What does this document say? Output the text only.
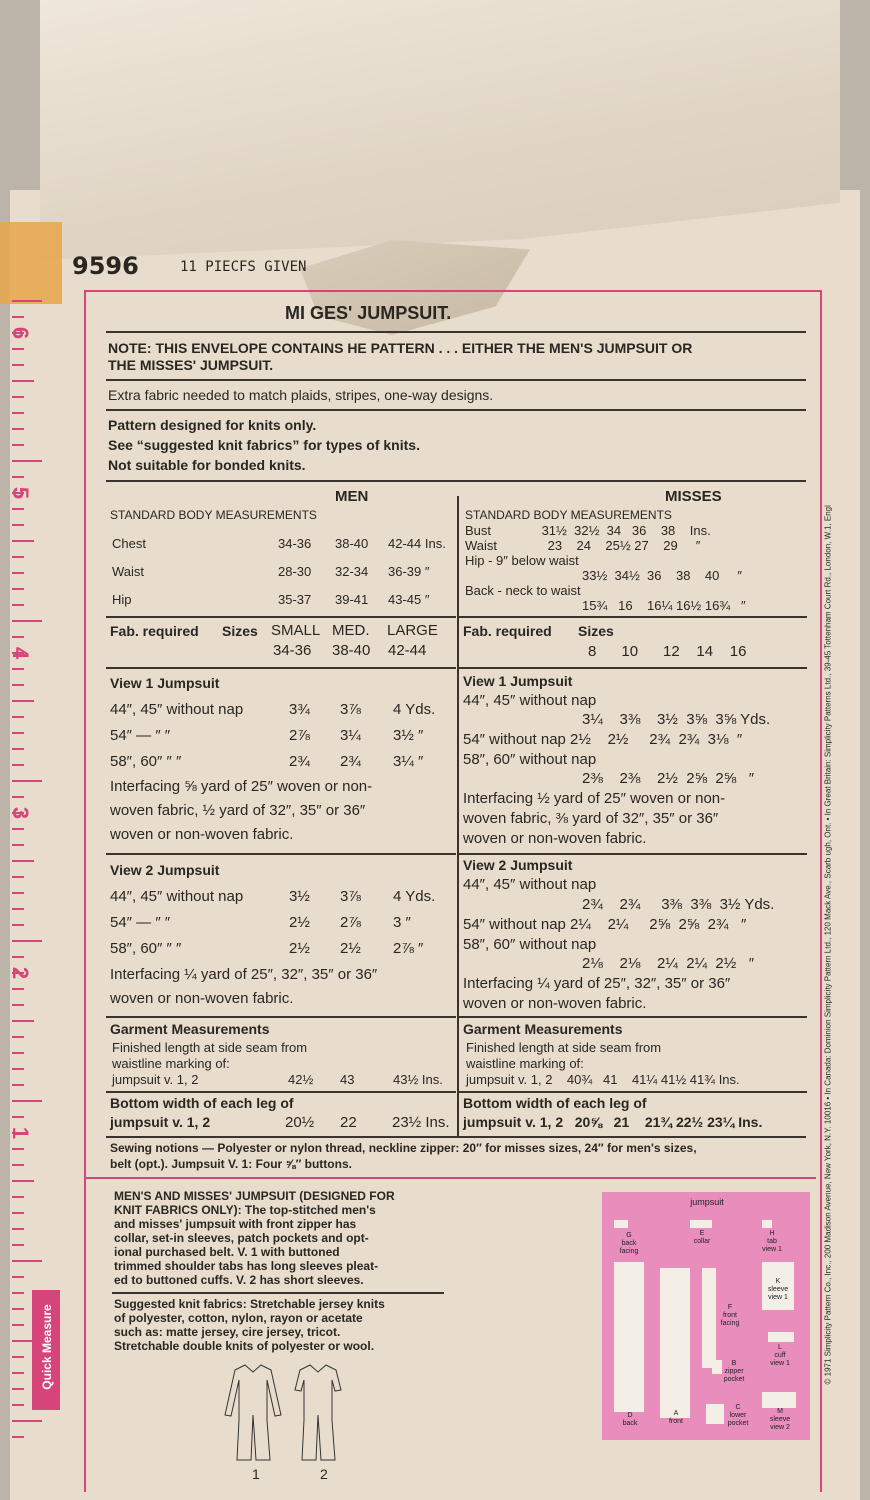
6
5
4
3
2
1
Quick Measure
9596	11 PIECFS GIVEN
MI GES' JUMPSUIT.
NOTE: THIS ENVELOPE CONTAINS HE PATTERN . . . EITHER THE MEN'S JUMPSUIT OR
THE MISSES' JUMPSUIT.
Extra fabric needed to match plaids, stripes, one-way designs.
Pattern designed for knits only.
See “suggested knit fabrics” for types of knits.
Not suitable for bonded knits.
MEN
STANDARD BODY MEASUREMENTS
Chest	34-36 38-40 42-44 Ins.
Waist	28-30 32-34 36-39 ″
Hip	35-37 39-41 43-45 ″
Fab. required Sizes SMALL MED. LARGE
34-36 38-40 42-44
View 1 Jumpsuit
44″, 45″ without nap	3¾ 3⅞ 4 Yds.
54″ — ″ ″	2⅞ 3¼ 3½ ″
58″, 60″ ″ ″	2¾ 2¾ 3¼ ″
Interfacing ⅝ yard of 25″ woven or non-
woven fabric, ½ yard of 32″, 35″ or 36″
woven or non-woven fabric.
View 2 Jumpsuit
44″, 45″ without nap	3½ 3⅞ 4 Yds.
54″ — ″ ″	2½ 2⅞ 3 ″
58″, 60″ ″ ″	2½ 2½ 2⅞ ″
Interfacing ¼ yard of 25″, 32″, 35″ or 36″
woven or non-woven fabric.
Garment Measurements
Finished length at side seam from
waistline marking of:
jumpsuit v. 1, 2	42½ 43	43½ Ins.
Bottom width of each leg of
jumpsuit v. 1, 2	20½ 22 23½ Ins.
MISSES
STANDARD BODY MEASUREMENTS
Bust              31½  32½  34   36    38    Ins.
Waist              23    24    25½ 27    29     ″
Hip - 9″ below waist
33½  34½  36    38    40     ″
Back - neck to waist
15¾   16    16¼ 16½ 16¾   ″
Fab. required Sizes
8      10      12    14    16
View 1 Jumpsuit
44″, 45″ without nap
3¼    3⅜    3½  3⅝  3⅝ Yds.
54″ without nap 2½    2½     2¾  2¾  3⅛  ″
58″, 60″ without nap
2⅜    2⅜    2½  2⅝  2⅝   ″
Interfacing ½ yard of 25″ woven or non-
woven fabric, ⅜ yard of 32″, 35″ or 36″
woven or non-woven fabric.
View 2 Jumpsuit
44″, 45″ without nap
2¾    2¾     3⅜  3⅜  3½ Yds.
54″ without nap 2¼    2¼     2⅝  2⅝  2¾   ″
58″, 60″ without nap
2⅛    2⅛    2¼  2¼  2½   ″
Interfacing ¼ yard of 25″, 32″, 35″ or 36″
woven or non-woven fabric.
Garment Measurements
Finished length at side seam from
waistline marking of:
jumpsuit v. 1, 2    40¾   41    41¼ 41½ 41¾ Ins.
Bottom width of each leg of
jumpsuit v. 1, 2   20⅝   21    21¾ 22½ 23¼ Ins.
Sewing notions — Polyester or nylon thread, neckline zipper: 20″ for misses sizes, 24″ for men's sizes,
belt (opt.). Jumpsuit V. 1: Four ⅝″ buttons.
MEN'S AND MISSES' JUMPSUIT (DESIGNED FOR
KNIT FABRICS ONLY): The top-stitched men's
and misses' jumpsuit with front zipper has
collar, set-in sleeves, patch pockets and opt-
ional purchased belt. V. 1 with buttoned
trimmed shoulder tabs has long sleeves pleat-
ed to buttoned cuffs. V. 2 has short sleeves.
Suggested knit fabrics: Stretchable jersey knits
of polyester, cotton, nylon, rayon or acetate
such as: matte jersey, cire jersey, tricot.
Stretchable double knits of polyester or wool.
1	2
jumpsuit
G
back
facing
E
collar
H
tab
view 1
K
sleeve
view 1
F
front
facing
L
cuff
view 1
B
zipper
pocket
D
back
A
front
C
lower
pocket
M
sleeve
view 2
© 1971 Simplicity Pattern Co., Inc., 200 Madison Avenue, New York, N.Y. 10016 • In Canada: Dominion Simplicity Pattern Ltd., 120 Mack Ave., Scarb ugh, Ont. • In Great Britain: Simplicity Patterns Ltd., 39-45 Tottenham Court Rd., London, W.1, Engl
